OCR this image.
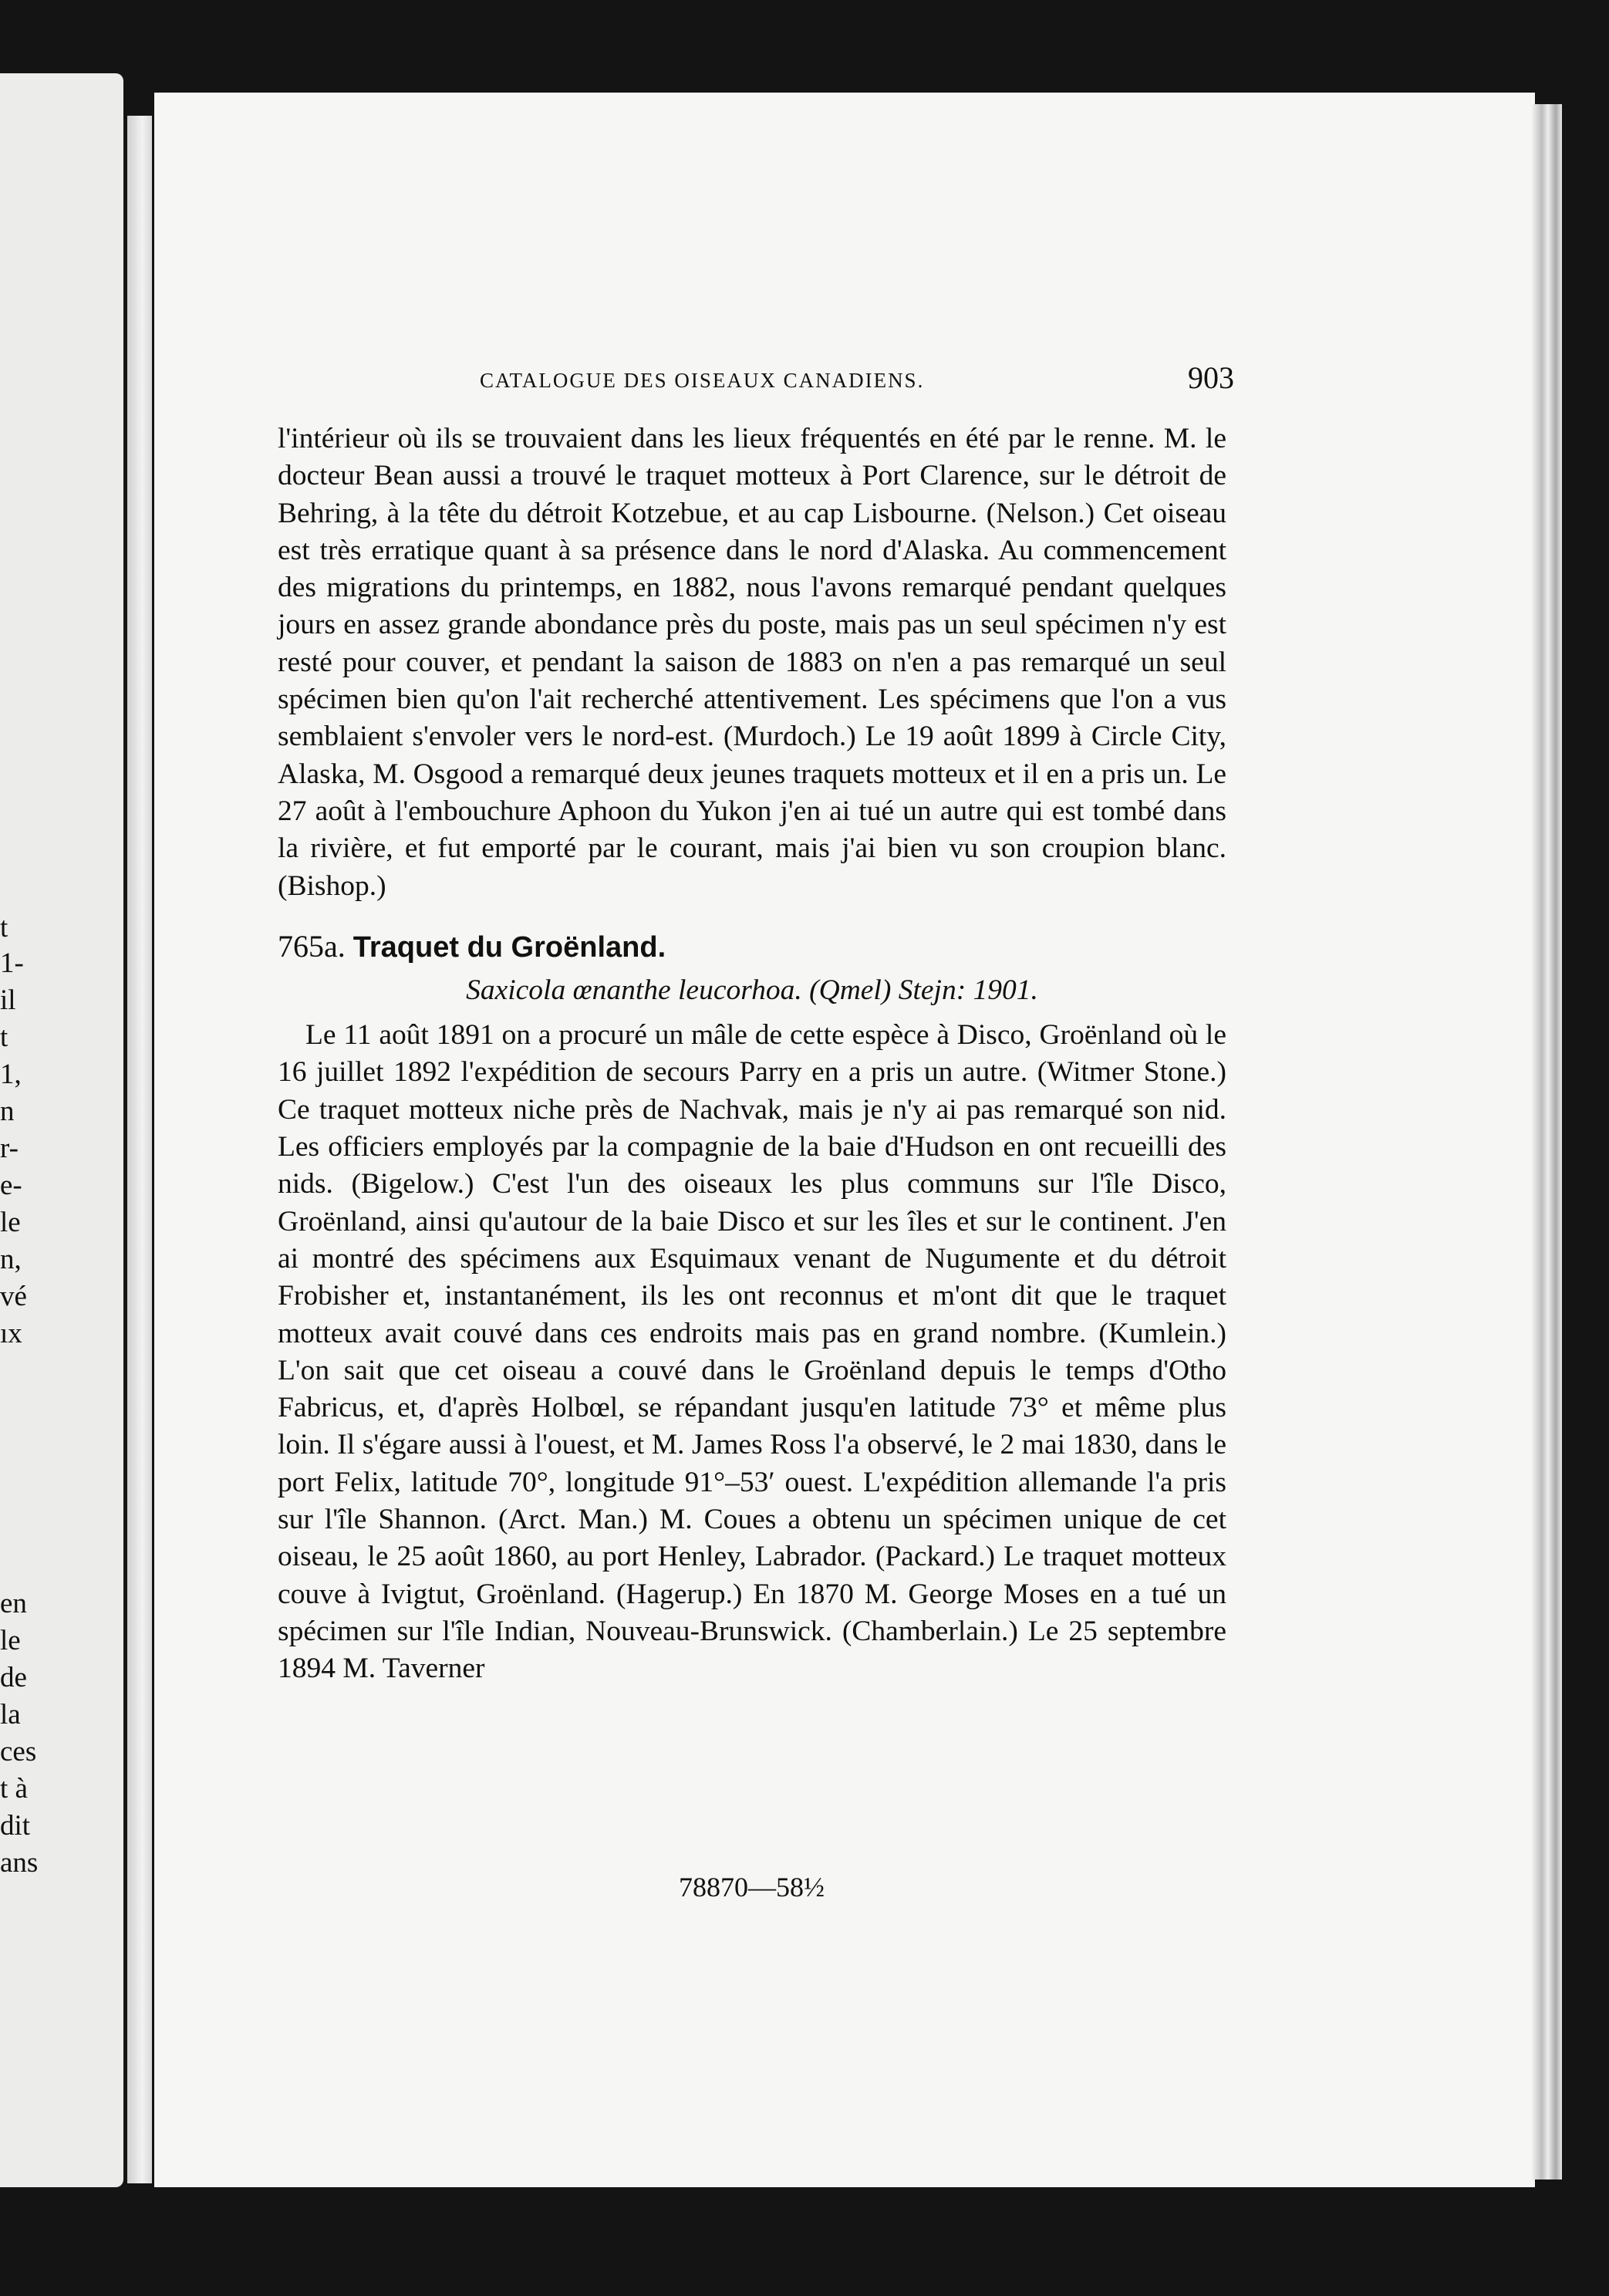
t
1-
il
t
1,
n
r-
e-
le
n,
vé
ıx
en
le
de
la
ces
t à
dit
ans
CATALOGUE DES OISEAUX CANADIENS.	903

l'intérieur où ils se trouvaient dans les lieux fréquentés en été par le renne. M. le docteur Bean aussi a trouvé le traquet motteux à Port Clarence, sur le détroit de Behring, à la tête du détroit Kotzebue, et au cap Lisbourne. (Nelson.) Cet oiseau est très erratique quant à sa présence dans le nord d'Alaska. Au commencement des migrations du printemps, en 1882, nous l'avons remarqué pendant quelques jours en assez grande abondance près du poste, mais pas un seul spécimen n'y est resté pour couver, et pendant la saison de 1883 on n'en a pas remarqué un seul spécimen bien qu'on l'ait recherché attentivement. Les spécimens que l'on a vus semblaient s'envoler vers le nord-est. (Murdoch.) Le 19 août 1899 à Circle City, Alaska, M. Osgood a remarqué deux jeunes traquets motteux et il en a pris un. Le 27 août à l'embouchure Aphoon du Yukon j'en ai tué un autre qui est tombé dans la rivière, et fut emporté par le courant, mais j'ai bien vu son croupion blanc. (Bishop.)

765a. Traquet du Groënland.

Saxicola œnanthe leucorhoa. (Qmel) Stejn: 1901.

Le 11 août 1891 on a procuré un mâle de cette espèce à Disco, Groënland où le 16 juillet 1892 l'expédition de secours Parry en a pris un autre. (Witmer Stone.) Ce traquet motteux niche près de Nachvak, mais je n'y ai pas remarqué son nid. Les officiers employés par la compagnie de la baie d'Hudson en ont recueilli des nids. (Bigelow.) C'est l'un des oiseaux les plus communs sur l'île Disco, Groënland, ainsi qu'autour de la baie Disco et sur les îles et sur le continent. J'en ai montré des spécimens aux Esquimaux venant de Nugumente et du détroit Frobisher et, instantanément, ils les ont reconnus et m'ont dit que le traquet motteux avait couvé dans ces endroits mais pas en grand nombre. (Kumlein.) L'on sait que cet oiseau a couvé dans le Groënland depuis le temps d'Otho Fabricus, et, d'après Holbœl, se répandant jusqu'en latitude 73° et même plus loin. Il s'égare aussi à l'ouest, et M. James Ross l'a observé, le 2 mai 1830, dans le port Felix, latitude 70°, longitude 91°–53′ ouest. L'expédition allemande l'a pris sur l'île Shannon. (Arct. Man.) M. Coues a obtenu un spécimen unique de cet oiseau, le 25 août 1860, au port Henley, Labrador. (Packard.) Le traquet motteux couve à Ivigtut, Groënland. (Hagerup.) En 1870 M. George Moses en a tué un spécimen sur l'île Indian, Nouveau-Brunswick. (Chamberlain.) Le 25 septembre 1894 M. Taverner

78870—58½
